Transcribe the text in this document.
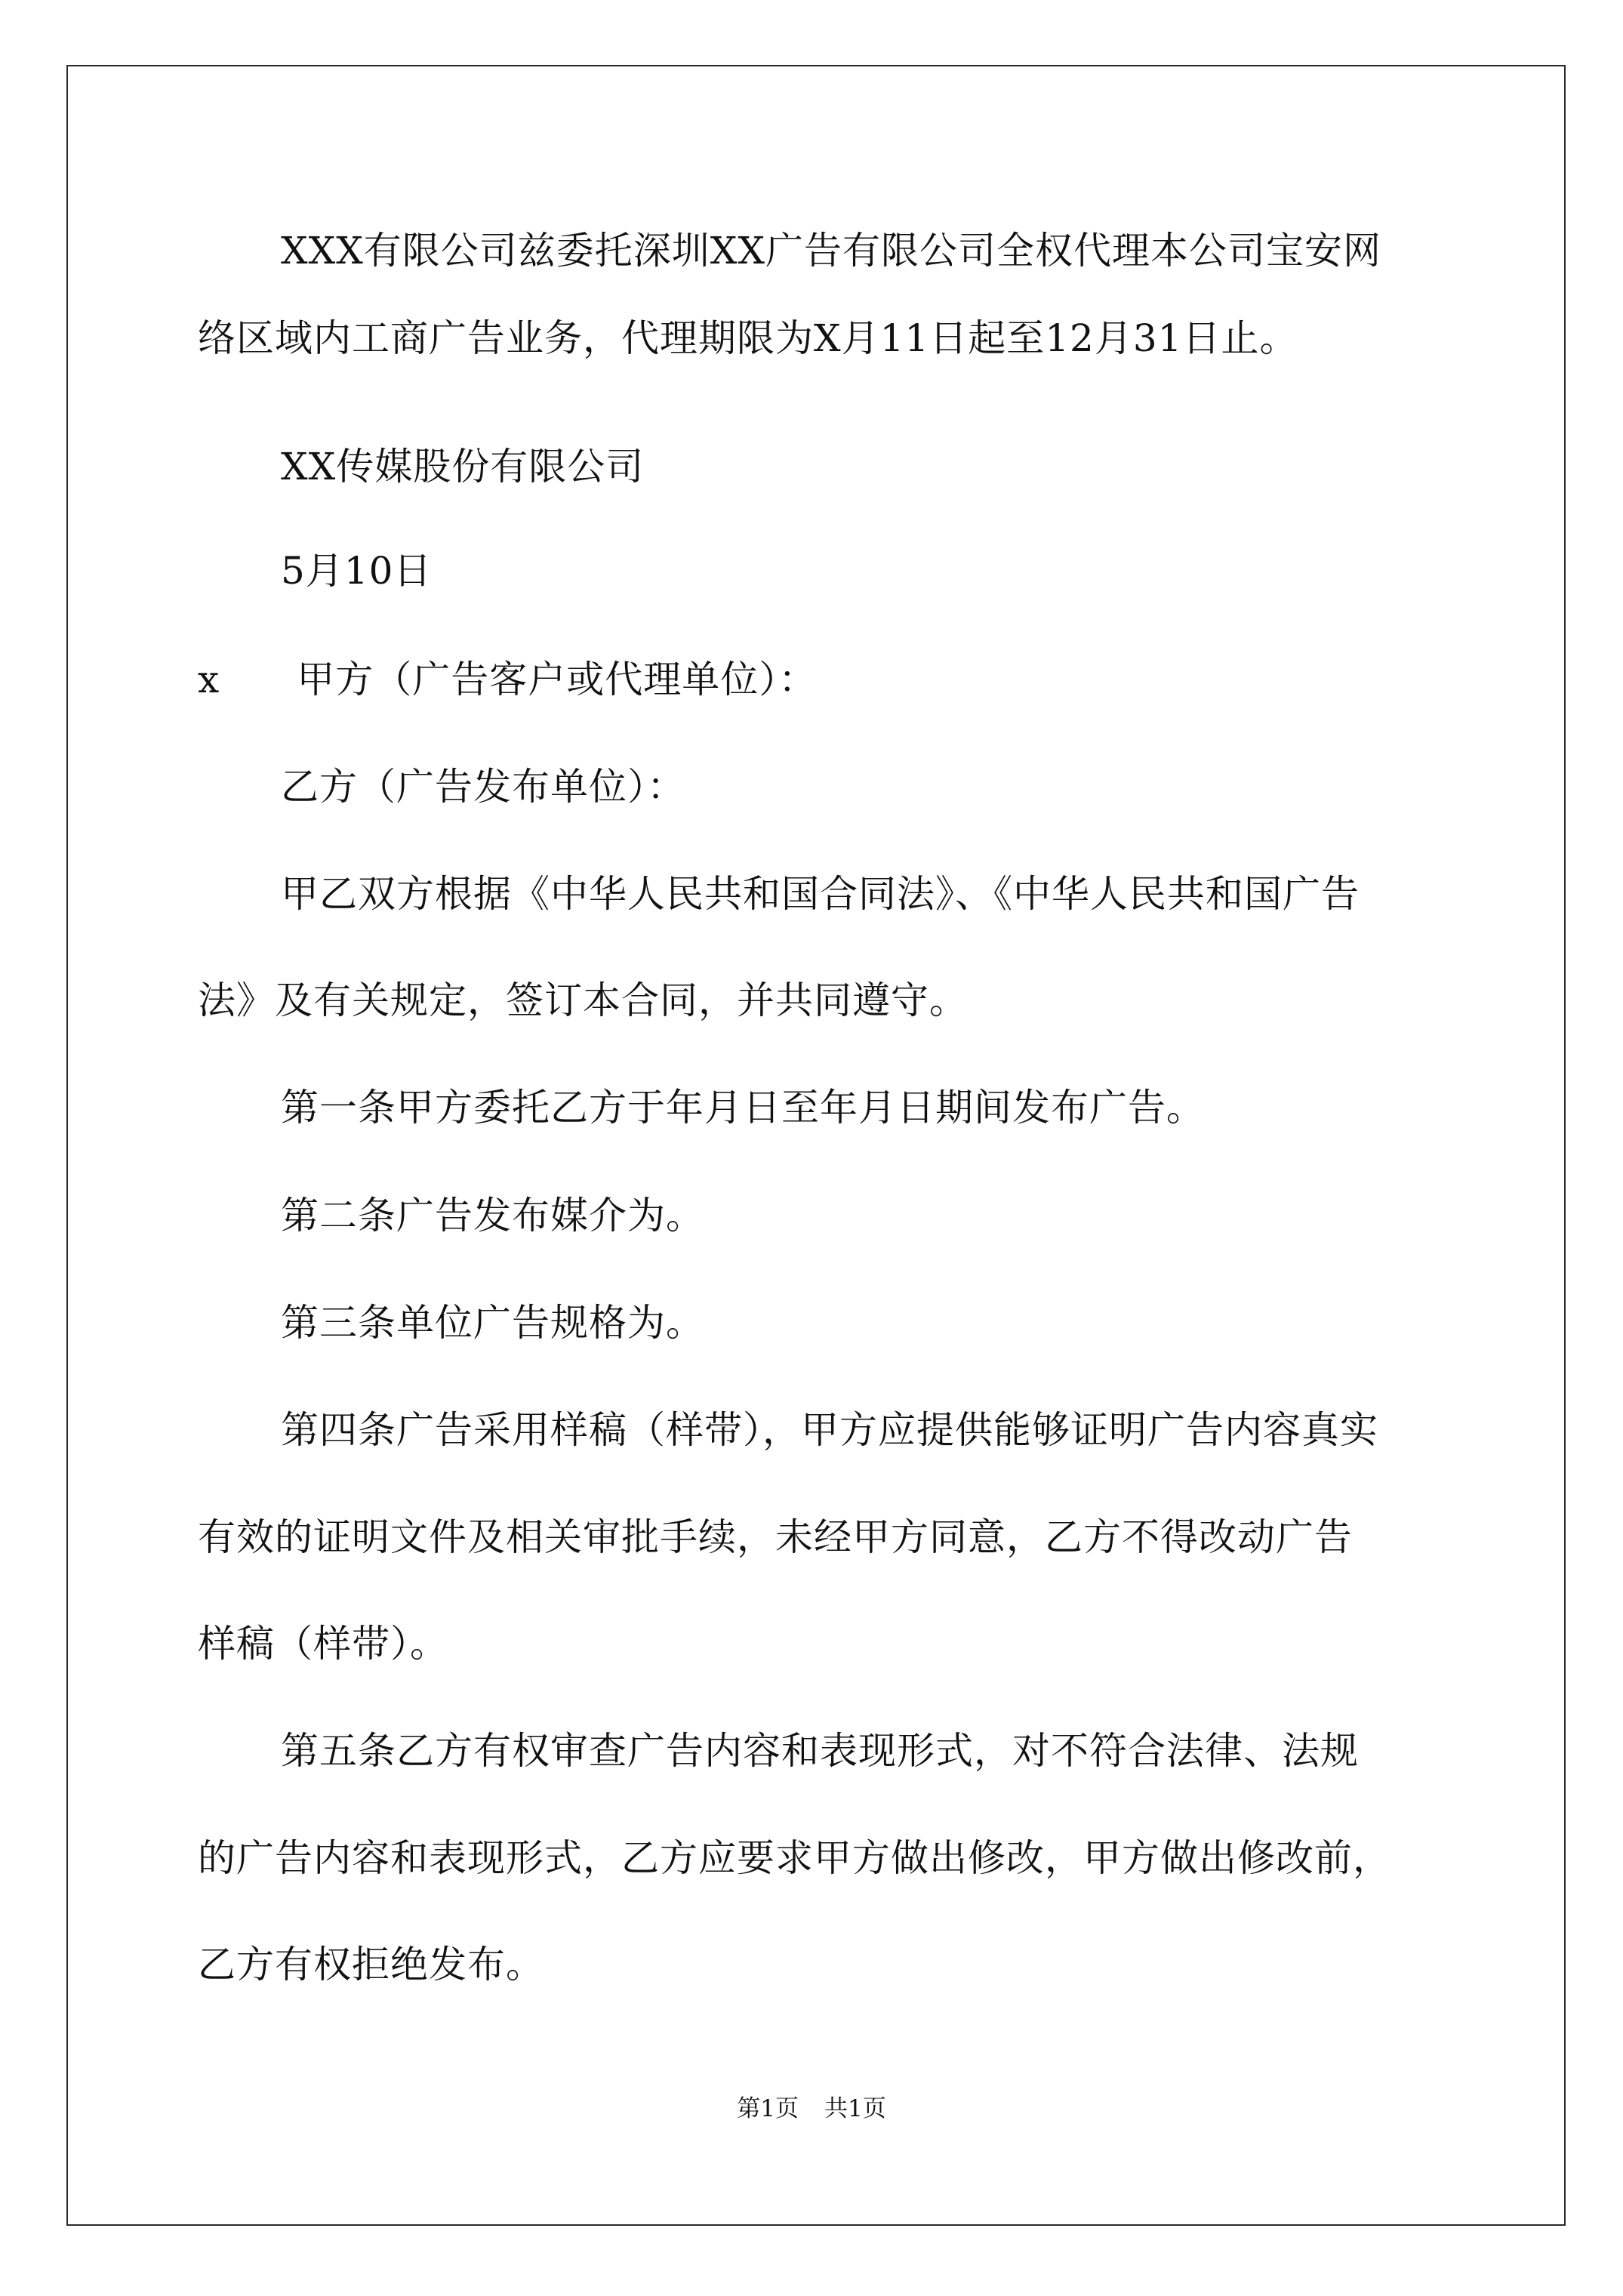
XXX有限公司兹委托深圳XX广告有限公司全权代理本公司宝安网
络区域内工商广告业务，代理期限为X月11日起至12月31日止。
XX传媒股份有限公司
5月10日
x　　甲方（广告客户或代理单位）：
乙方（广告发布单位）：
甲乙双方根据《中华人民共和国合同法》、《中华人民共和国广告
法》及有关规定，签订本合同，并共同遵守。
第一条甲方委托乙方于年月日至年月日期间发布广告。
第二条广告发布媒介为。
第三条单位广告规格为。
第四条广告采用样稿（样带），甲方应提供能够证明广告内容真实
有效的证明文件及相关审批手续，未经甲方同意，乙方不得改动广告
样稿（样带）。
第五条乙方有权审查广告内容和表现形式，对不符合法律、法规
的广告内容和表现形式，乙方应要求甲方做出修改，甲方做出修改前，
乙方有权拒绝发布。
第1页 共1页
